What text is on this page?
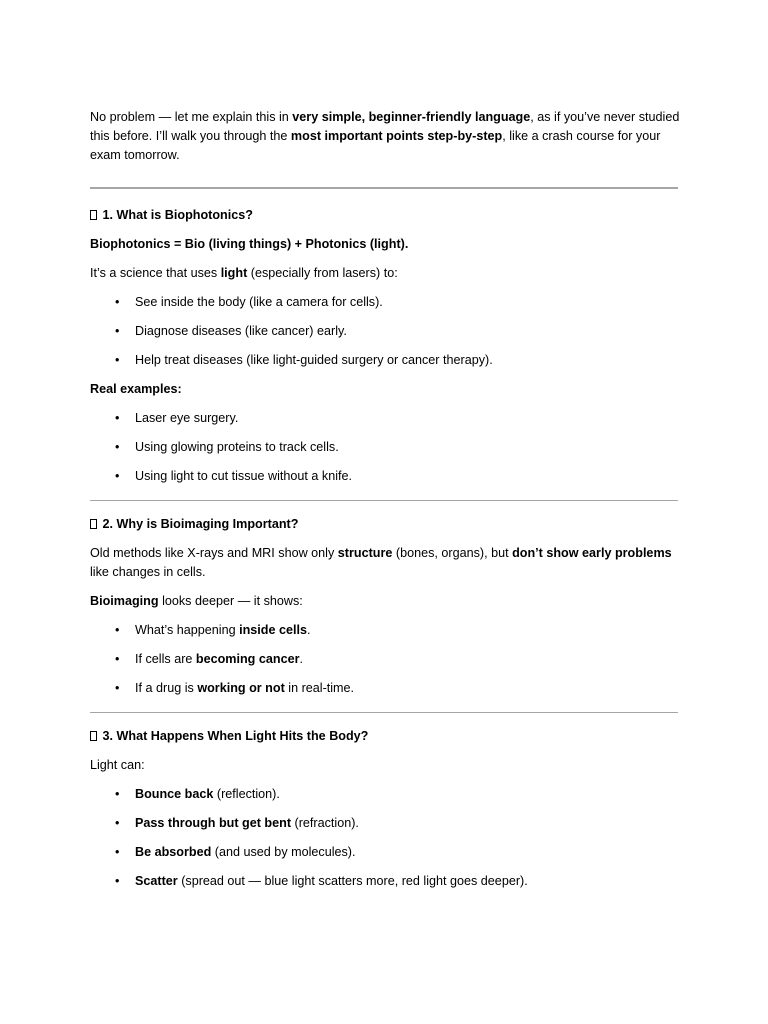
No problem — let me explain this in very simple, beginner-friendly language, as if you’ve never studied this before. I’ll walk you through the most important points step-by-step, like a crash course for your exam tomorrow.

1. What is Biophotonics?

Biophotonics = Bio (living things) + Photonics (light).

It’s a science that uses light (especially from lasers) to:

• See inside the body (like a camera for cells).
• Diagnose diseases (like cancer) early.
• Help treat diseases (like light-guided surgery or cancer therapy).

Real examples:

• Laser eye surgery.
• Using glowing proteins to track cells.
• Using light to cut tissue without a knife.

2. Why is Bioimaging Important?

Old methods like X-rays and MRI show only structure (bones, organs), but don’t show early problems like changes in cells.

Bioimaging looks deeper — it shows:

• What’s happening inside cells.
• If cells are becoming cancer.
• If a drug is working or not in real-time.

3. What Happens When Light Hits the Body?

Light can:

• Bounce back (reflection).
• Pass through but get bent (refraction).
• Be absorbed (and used by molecules).
• Scatter (spread out — blue light scatters more, red light goes deeper).
